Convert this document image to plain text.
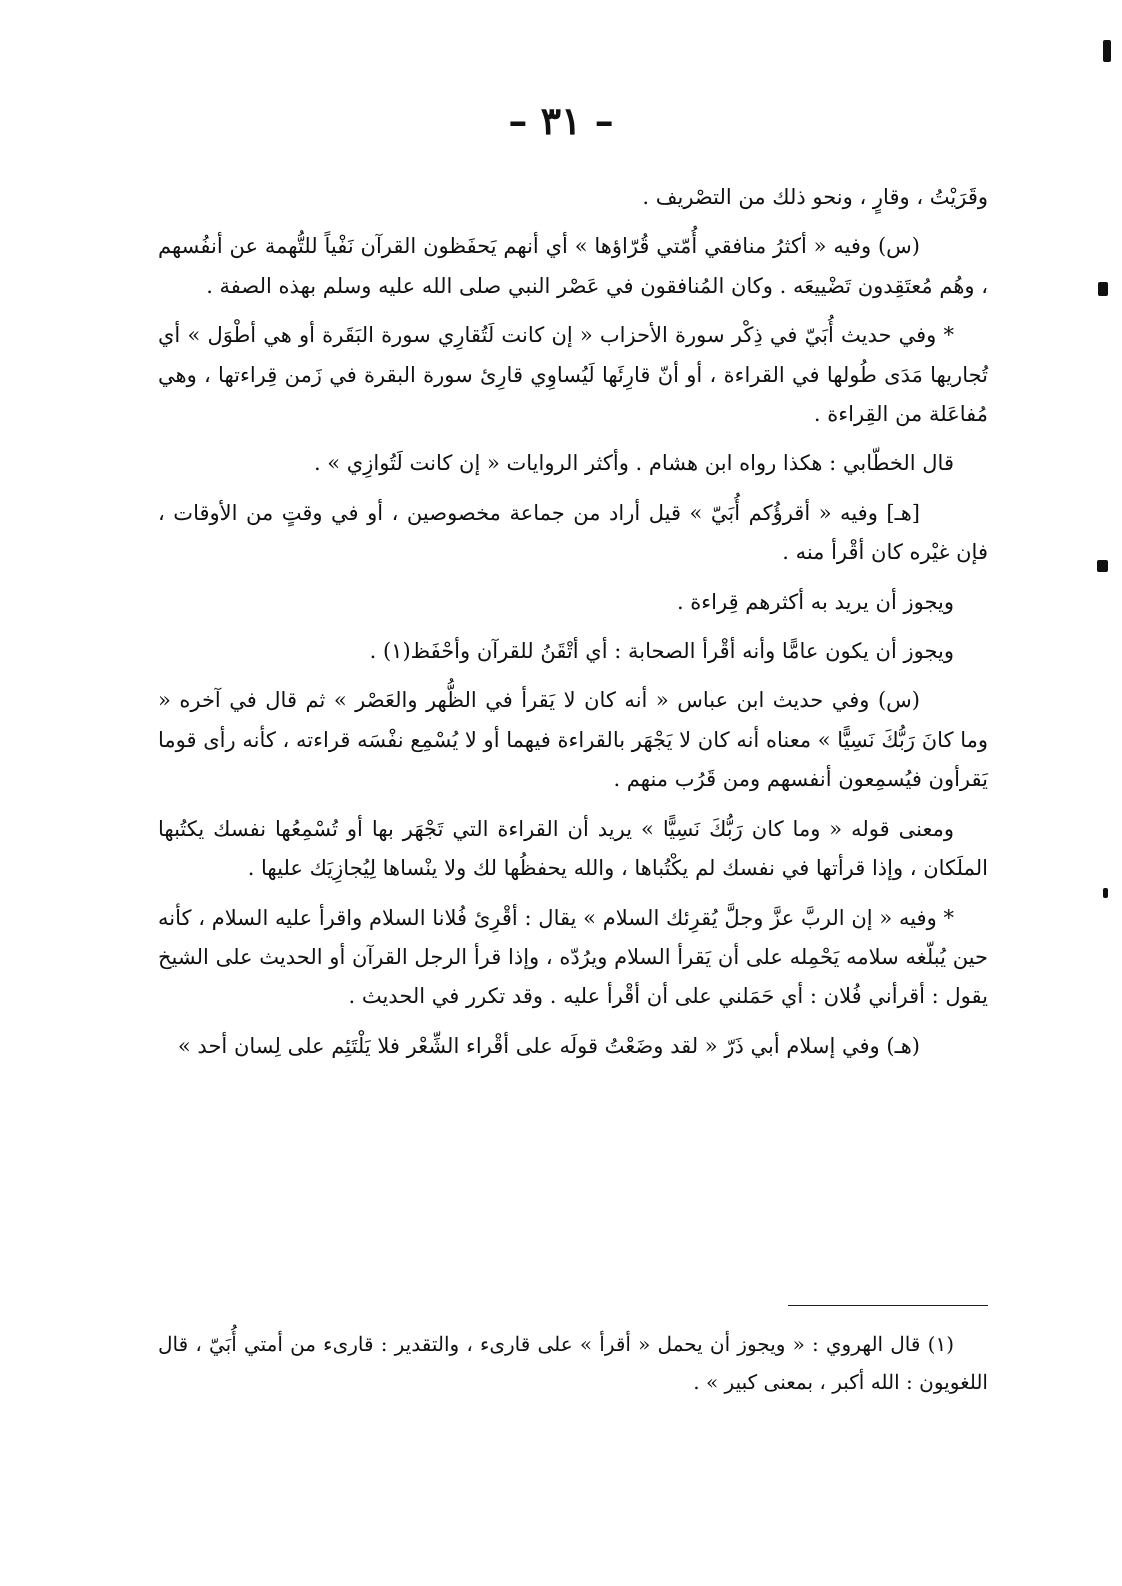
– ٣١ –

وقَرَيْتُ ، وقارٍ ، ونحو ذلك من التصْريف .

(س) وفيه « أكثرُ منافقي أُمّتي قُرّاؤها » أي أنهم يَحفَظون القرآن نَفْياً للتُّهمة عن أنفُسهم ، وهُم مُعتَقِدون تَضْييعَه . وكان المُنافقون في عَصْر النبي صلى الله عليه وسلم بهذه الصفة .

* وفي حديث أُبَيّ في ذِكْر سورة الأحزاب « إن كانت لَتُقارِي سورة البَقَرة أو هي أطْوَل » أي تُجاريها مَدَى طُولها في القراءة ، أو أنّ قارِئَها لَيُساوِي قارِئ سورة البقرة في زَمن قِراءتها ، وهي مُفاعَلة من القِراءة .

قال الخطّابي : هكذا رواه ابن هشام . وأكثر الروايات « إن كانت لَتُوازِي » .

[هـ] وفيه « أقرؤُكم أُبَيّ » قيل أراد من جماعة مخصوصين ، أو في وقتٍ من الأوقات ، فإن غيْره كان أقْرأ منه .

ويجوز أن يريد به أكثرهم قِراءة .

ويجوز أن يكون عامًّا وأنه أقْرأ الصحابة : أي أتْقَنُ للقرآن وأحْفَظ(١) .

(س) وفي حديث ابن عباس « أنه كان لا يَقرأ في الظُّهر والعَصْر » ثم قال في آخره « وما كانَ رَبُّكَ نَسِيًّا » معناه أنه كان لا يَجْهَر بالقراءة فيهما أو لا يُسْمِع نفْسَه قراءته ، كأنه رأى قوما يَقرأون فيُسمِعون أنفسهم ومن قَرُب منهم .

ومعنى قوله « وما كان رَبُّكَ نَسِيًّا » يريد أن القراءة التي تَجْهَر بها أو تُسْمِعُها نفسك يكتُبها الملَكان ، وإذا قرأتها في نفسك لم يكْتُباها ، والله يحفظُها لك ولا ينْساها لِيُجازِيَك عليها .

* وفيه « إن الربَّ عزَّ وجلَّ يُقرِئك السلام » يقال : أقْرِئ فُلانا السلام واقرأ عليه السلام ، كأنه حين يُبلّغه سلامه يَحْمِله على أن يَقرأ السلام ويرُدّه ، وإذا قرأ الرجل القرآن أو الحديث على الشيخ يقول : أقرأني فُلان : أي حَمَلني على أن أقْرأ عليه . وقد تكرر في الحديث .

(هـ) وفي إسلام أبي ذَرّ « لقد وضَعْتُ قولَه على أقْراء الشِّعْر فلا يَلْتَئِم على لِسان أحد »

(١) قال الهروي : « ويجوز أن يحمل « أقرأ » على قارىء ، والتقدير : قارىء من أمتي أُبَيّ ، قال اللغويون : الله أكبر ، بمعنى كبير » .
